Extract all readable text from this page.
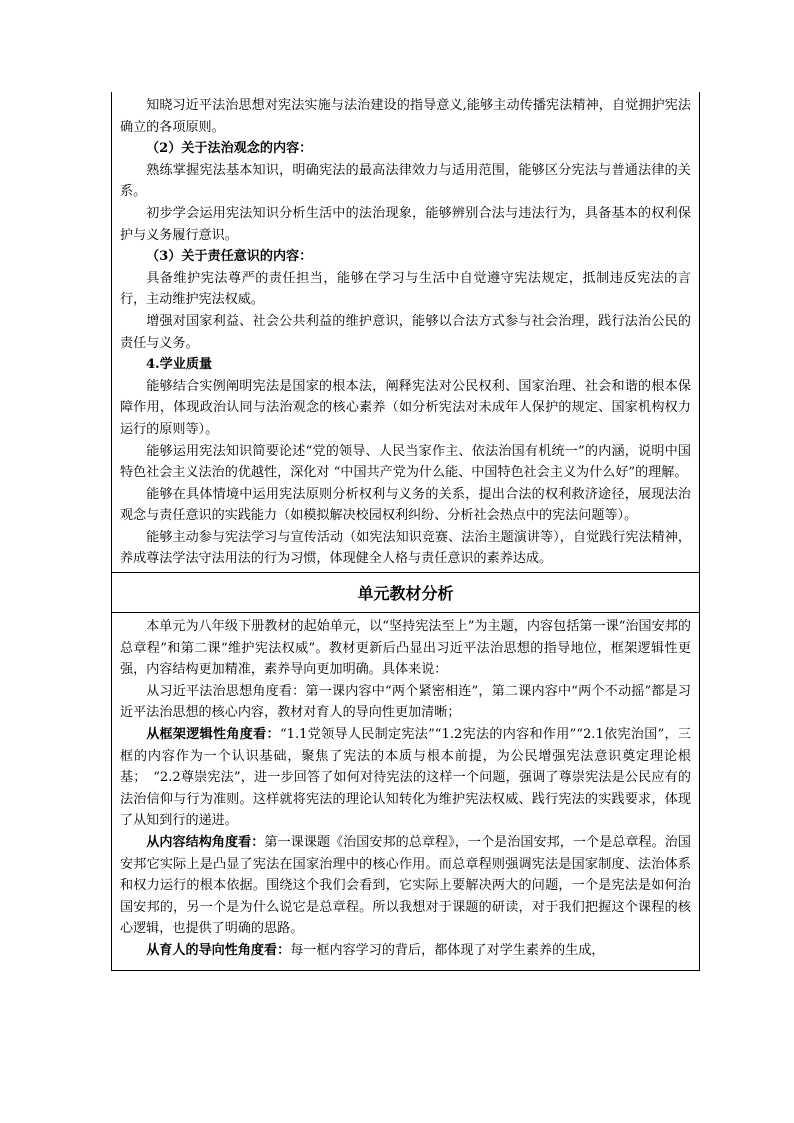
知晓习近平法治思想对宪法实施与法治建设的指导意义,能够主动传播宪法精神，自觉拥护宪法确立的各项原则。

（2）关于法治观念的内容：

熟练掌握宪法基本知识，明确宪法的最高法律效力与适用范围，能够区分宪法与普通法律的关系。

初步学会运用宪法知识分析生活中的法治现象，能够辨别合法与违法行为，具备基本的权利保护与义务履行意识。

（3）关于责任意识的内容：

具备维护宪法尊严的责任担当，能够在学习与生活中自觉遵守宪法规定，抵制违反宪法的言行，主动维护宪法权威。

增强对国家利益、社会公共利益的维护意识，能够以合法方式参与社会治理，践行法治公民的责任与义务。

4.学业质量

能够结合实例阐明宪法是国家的根本法，阐释宪法对公民权利、国家治理、社会和谐的根本保障作用，体现政治认同与法治观念的核心素养（如分析宪法对未成年人保护的规定、国家机构权力运行的原则等）。

能够运用宪法知识简要论述“党的领导、人民当家作主、依法治国有机统一”的内涵，说明中国特色社会主义法治的优越性，深化对 “中国共产党为什么能、中国特色社会主义为什么好”的理解。

能够在具体情境中运用宪法原则分析权利与义务的关系，提出合法的权利救济途径，展现法治观念与责任意识的实践能力（如模拟解决校园权利纠纷、分析社会热点中的宪法问题等）。

能够主动参与宪法学习与宣传活动（如宪法知识竞赛、法治主题演讲等），自觉践行宪法精神，养成尊法学法守法用法的行为习惯，体现健全人格与责任意识的素养达成。

单元教材分析

本单元为八年级下册教材的起始单元，以“坚持宪法至上”为主题，内容包括第一课“治国安邦的总章程”和第二课“维护宪法权威”。教材更新后凸显出习近平法治思想的指导地位，框架逻辑性更强，内容结构更加精准，素养导向更加明确。具体来说：

从习近平法治思想角度看：第一课内容中“两个紧密相连”，第二课内容中“两个不动摇”都是习近平法治思想的核心内容，教材对育人的导向性更加清晰；

从框架逻辑性角度看：“1.1党领导人民制定宪法”“1.2宪法的内容和作用”“2.1依宪治国”，三框的内容作为一个认识基础，聚焦了宪法的本质与根本前提，为公民增强宪法意识奠定理论根基；　“2.2尊崇宪法”，进一步回答了如何对待宪法的这样一个问题，强调了尊崇宪法是公民应有的法治信仰与行为准则。这样就将宪法的理论认知转化为维护宪法权威、践行宪法的实践要求，体现了从知到行的递进。

从内容结构角度看：第一课课题《治国安邦的总章程》，一个是治国安邦，一个是总章程。治国安邦它实际上是凸显了宪法在国家治理中的核心作用。而总章程则强调宪法是国家制度、法治体系和权力运行的根本依据。围绕这个我们会看到，它实际上要解决两大的问题，一个是宪法是如何治国安邦的，另一个是为什么说它是总章程。所以我想对于课题的研读，对于我们把握这个课程的核心逻辑，也提供了明确的思路。

从育人的导向性角度看：每一框内容学习的背后，都体现了对学生素养的生成，
